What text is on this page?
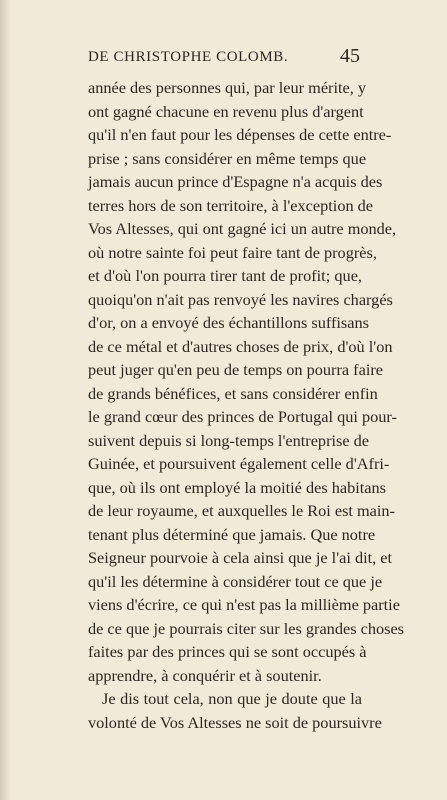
DE CHRISTOPHE COLOMB.	45
année des personnes qui, par leur mérite, y
ont gagné chacune en revenu plus d'argent
qu'il n'en faut pour les dépenses de cette entre-
prise ; sans considérer en même temps que
jamais aucun prince d'Espagne n'a acquis des
terres hors de son territoire, à l'exception de
Vos Altesses, qui ont gagné ici un autre monde,
où notre sainte foi peut faire tant de progrès,
et d'où l'on pourra tirer tant de profit; que,
quoiqu'on n'ait pas renvoyé les navires chargés
d'or, on a envoyé des échantillons suffisans
de ce métal et d'autres choses de prix, d'où l'on
peut juger qu'en peu de temps on pourra faire
de grands bénéfices, et sans considérer enfin
le grand cœur des princes de Portugal qui pour-
suivent depuis si long-temps l'entreprise de
Guinée, et poursuivent également celle d'Afri-
que, où ils ont employé la moitié des habitans
de leur royaume, et auxquelles le Roi est main-
tenant plus déterminé que jamais. Que notre
Seigneur pourvoie à cela ainsi que je l'ai dit, et
qu'il les détermine à considérer tout ce que je
viens d'écrire, ce qui n'est pas la millième partie
de ce que je pourrais citer sur les grandes choses
faites par des princes qui se sont occupés à
apprendre, à conquérir et à soutenir.
Je dis tout cela, non que je doute que la
volonté de Vos Altesses ne soit de poursuivre
